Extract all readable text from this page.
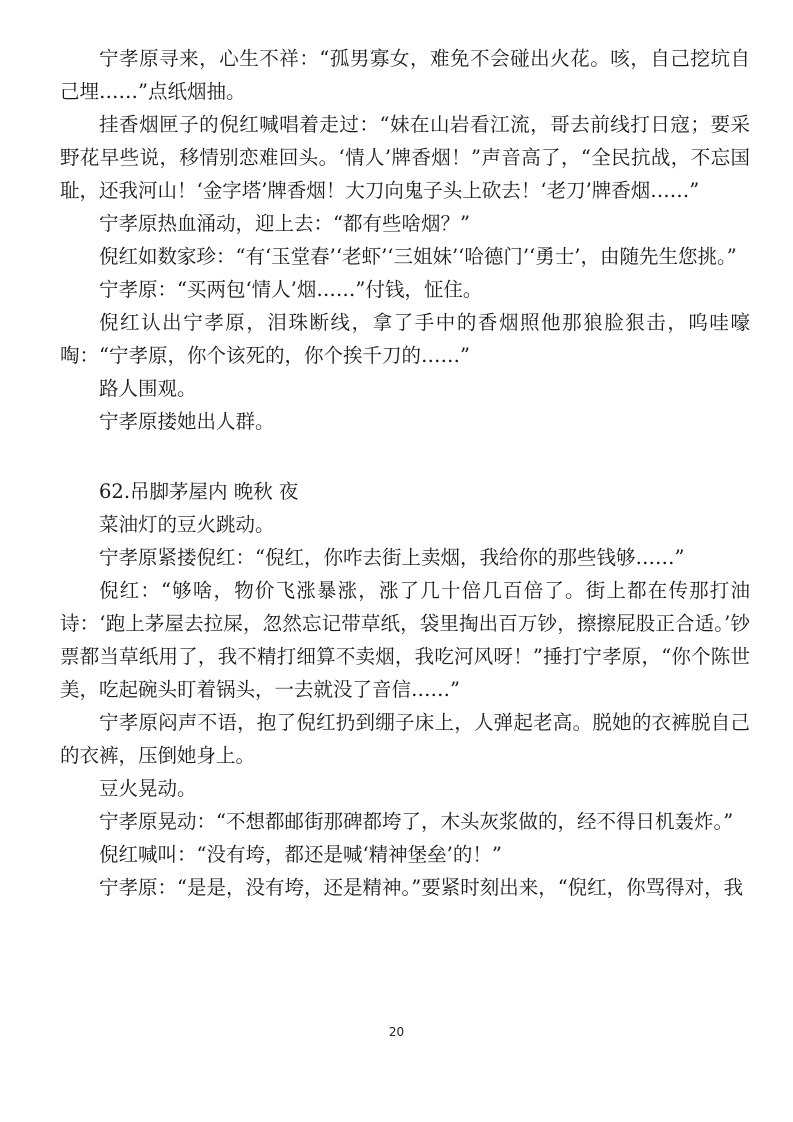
宁孝原寻来，心生不祥：“孤男寡女，难免不会碰出火花。咳，自己挖坑自己埋……”点纸烟抽。

挂香烟匣子的倪红喊唱着走过：“妹在山岩看江流，哥去前线打日寇；要采野花早些说，移情别恋难回头。‘情人’牌香烟！”声音高了，“全民抗战，不忘国耻，还我河山！‘金字塔’牌香烟！大刀向鬼子头上砍去！‘老刀’牌香烟……”

宁孝原热血涌动，迎上去：“都有些啥烟？”

倪红如数家珍：“有‘玉堂春’‘老虾’‘三姐妹’‘哈德门’‘勇士’，由随先生您挑。”

宁孝原：“买两包‘情人’烟……”付钱，怔住。

倪红认出宁孝原，泪珠断线，拿了手中的香烟照他那狼脸狠击，呜哇嚎啕：“宁孝原，你个该死的，你个挨千刀的……”

路人围观。

宁孝原搂她出人群。

62.吊脚茅屋内 晚秋 夜

菜油灯的豆火跳动。

宁孝原紧搂倪红：“倪红，你咋去街上卖烟，我给你的那些钱够……”

倪红：“够啥，物价飞涨暴涨，涨了几十倍几百倍了。街上都在传那打油诗：‘跑上茅屋去拉屎，忽然忘记带草纸，袋里掏出百万钞，擦擦屁股正合适。’钞票都当草纸用了，我不精打细算不卖烟，我吃河风呀！”捶打宁孝原，“你个陈世美，吃起碗头盯着锅头，一去就没了音信……”

宁孝原闷声不语，抱了倪红扔到绷子床上，人弹起老高。脱她的衣裤脱自己的衣裤，压倒她身上。

豆火晃动。

宁孝原晃动：“不想都邮街那碑都垮了，木头灰浆做的，经不得日机轰炸。”

倪红喊叫：“没有垮，都还是喊‘精神堡垒’的！”

宁孝原：“是是，没有垮，还是精神。”要紧时刻出来，“倪红，你骂得对，我

20
